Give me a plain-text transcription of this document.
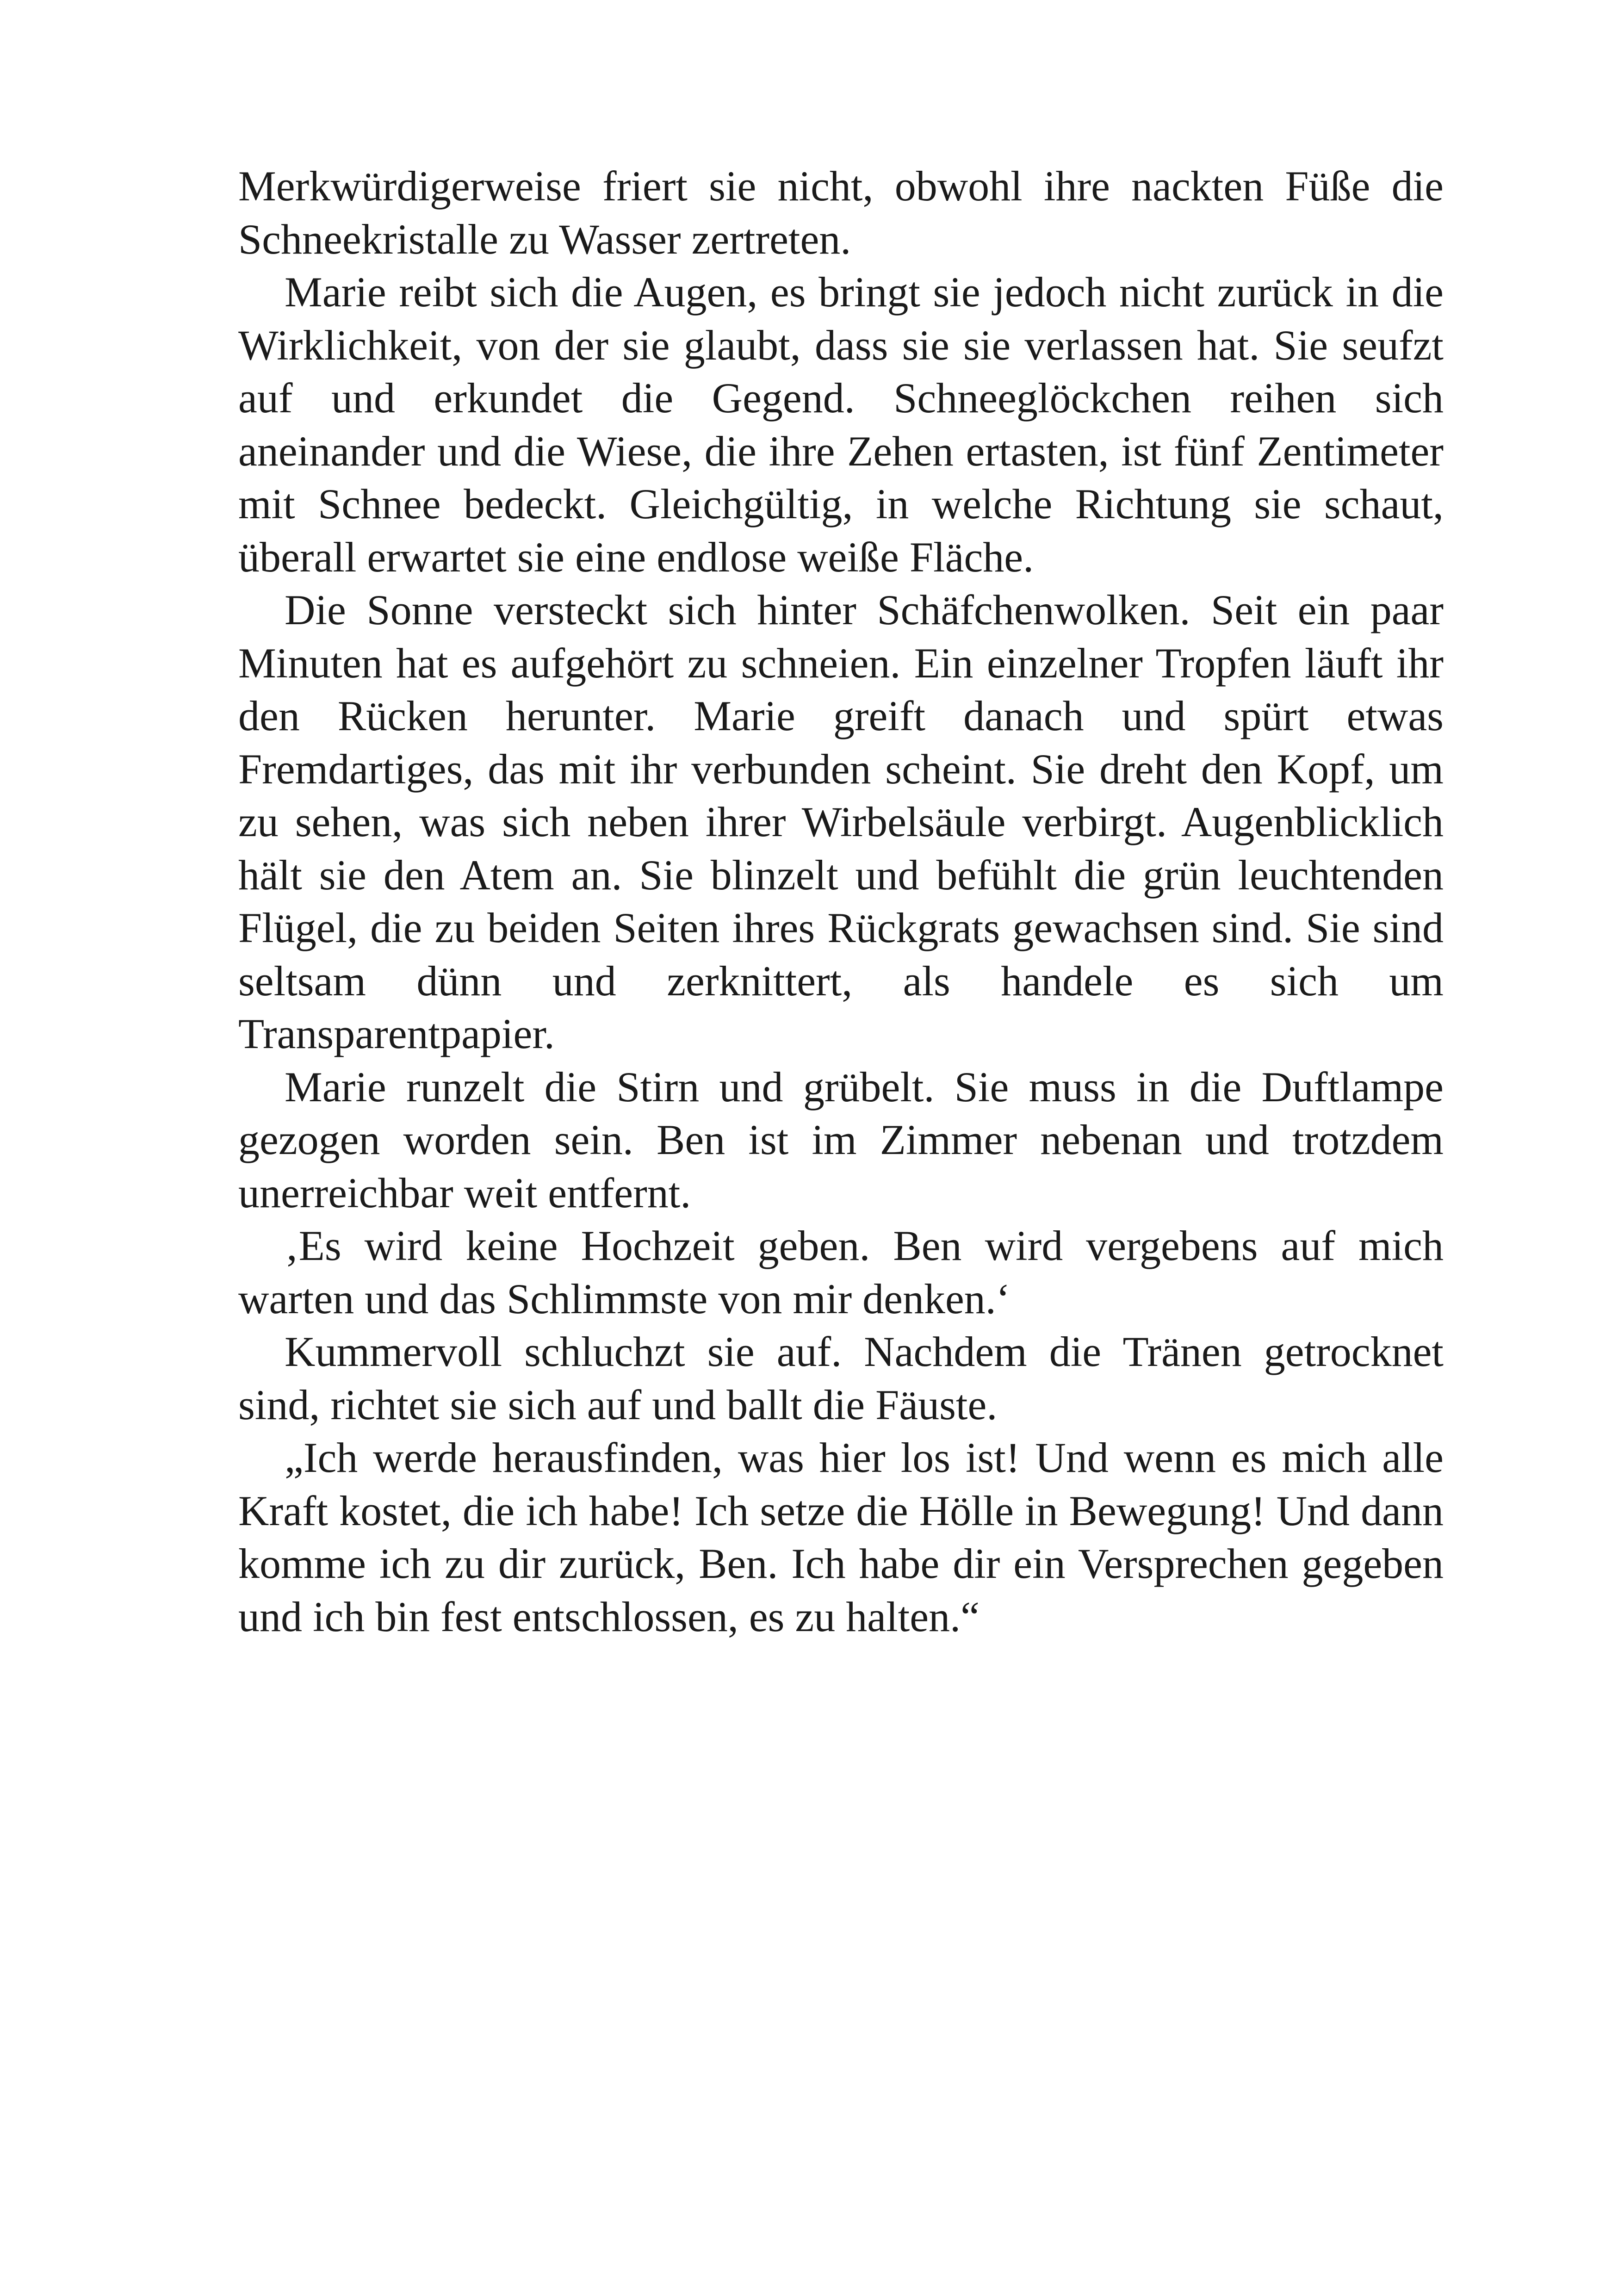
Merkwürdigerweise friert sie nicht, obwohl ihre nackten Füße die Schneekristalle zu Wasser zertreten.

Marie reibt sich die Augen, es bringt sie jedoch nicht zurück in die Wirklichkeit, von der sie glaubt, dass sie sie verlassen hat. Sie seufzt auf und erkundet die Gegend. Schneeglöckchen reihen sich aneinander und die Wiese, die ihre Zehen ertasten, ist fünf Zentimeter mit Schnee bedeckt. Gleichgültig, in welche Richtung sie schaut, überall erwartet sie eine endlose weiße Fläche.

Die Sonne versteckt sich hinter Schäfchenwolken. Seit ein paar Minuten hat es aufgehört zu schneien. Ein einzelner Tropfen läuft ihr den Rücken herunter. Marie greift danach und spürt etwas Fremdartiges, das mit ihr verbunden scheint. Sie dreht den Kopf, um zu sehen, was sich neben ihrer Wirbelsäule verbirgt. Augenblicklich hält sie den Atem an. Sie blinzelt und befühlt die grün leuchtenden Flügel, die zu beiden Seiten ihres Rückgrats gewachsen sind. Sie sind seltsam dünn und zerknittert, als handele es sich um Transparentpapier.

Marie runzelt die Stirn und grübelt. Sie muss in die Duftlampe gezogen worden sein. Ben ist im Zimmer nebenan und trotzdem unerreichbar weit entfernt.

‚Es wird keine Hochzeit geben. Ben wird vergebens auf mich warten und das Schlimmste von mir denken.‘

Kummervoll schluchzt sie auf. Nachdem die Tränen getrocknet sind, richtet sie sich auf und ballt die Fäuste.

„Ich werde herausfinden, was hier los ist! Und wenn es mich alle Kraft kostet, die ich habe! Ich setze die Hölle in Bewegung! Und dann komme ich zu dir zurück, Ben. Ich habe dir ein Versprechen gegeben und ich bin fest entschlossen, es zu halten.“
